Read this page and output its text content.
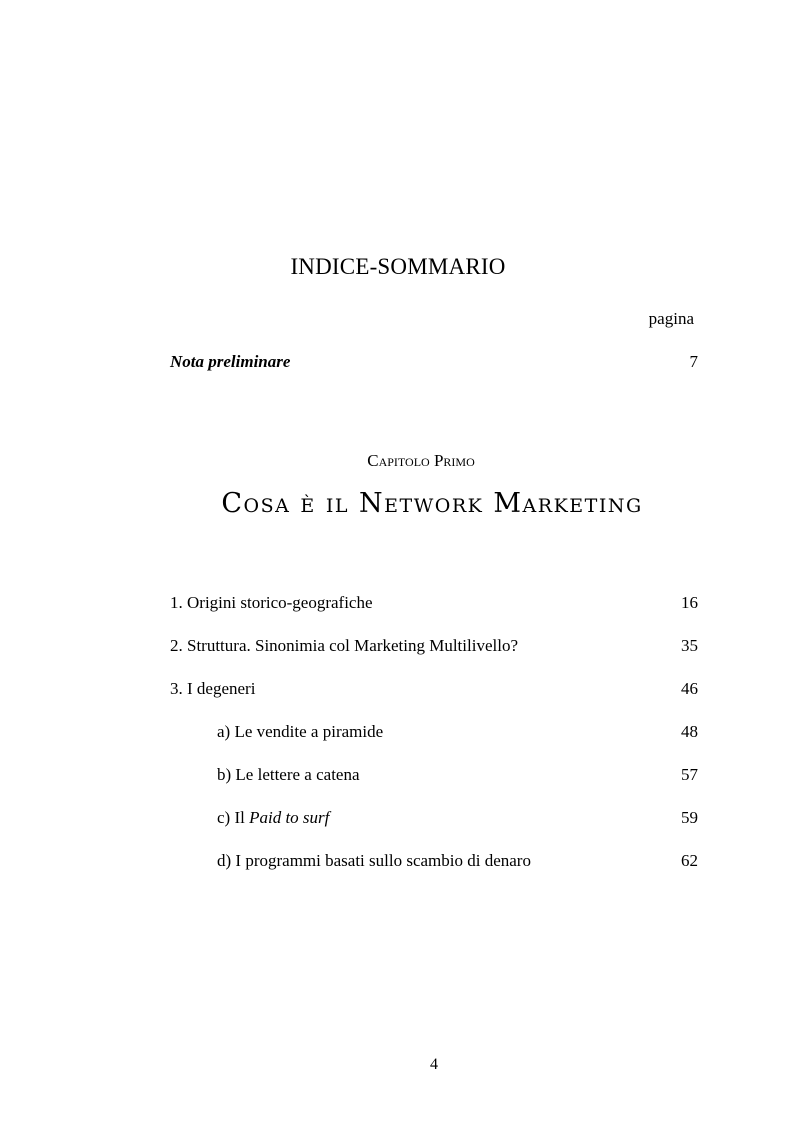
INDICE-SOMMARIO
pagina
Nota preliminare	7
Capitolo Primo
Cosa è il Network Marketing
1. Origini storico-geografiche	16
2. Struttura. Sinonimia col Marketing Multilivello?	35
3. I degeneri	46
a) Le vendite a piramide	48
b) Le lettere a catena	57
c) Il Paid to surf	59
d) I programmi basati sullo scambio di denaro	62
4
